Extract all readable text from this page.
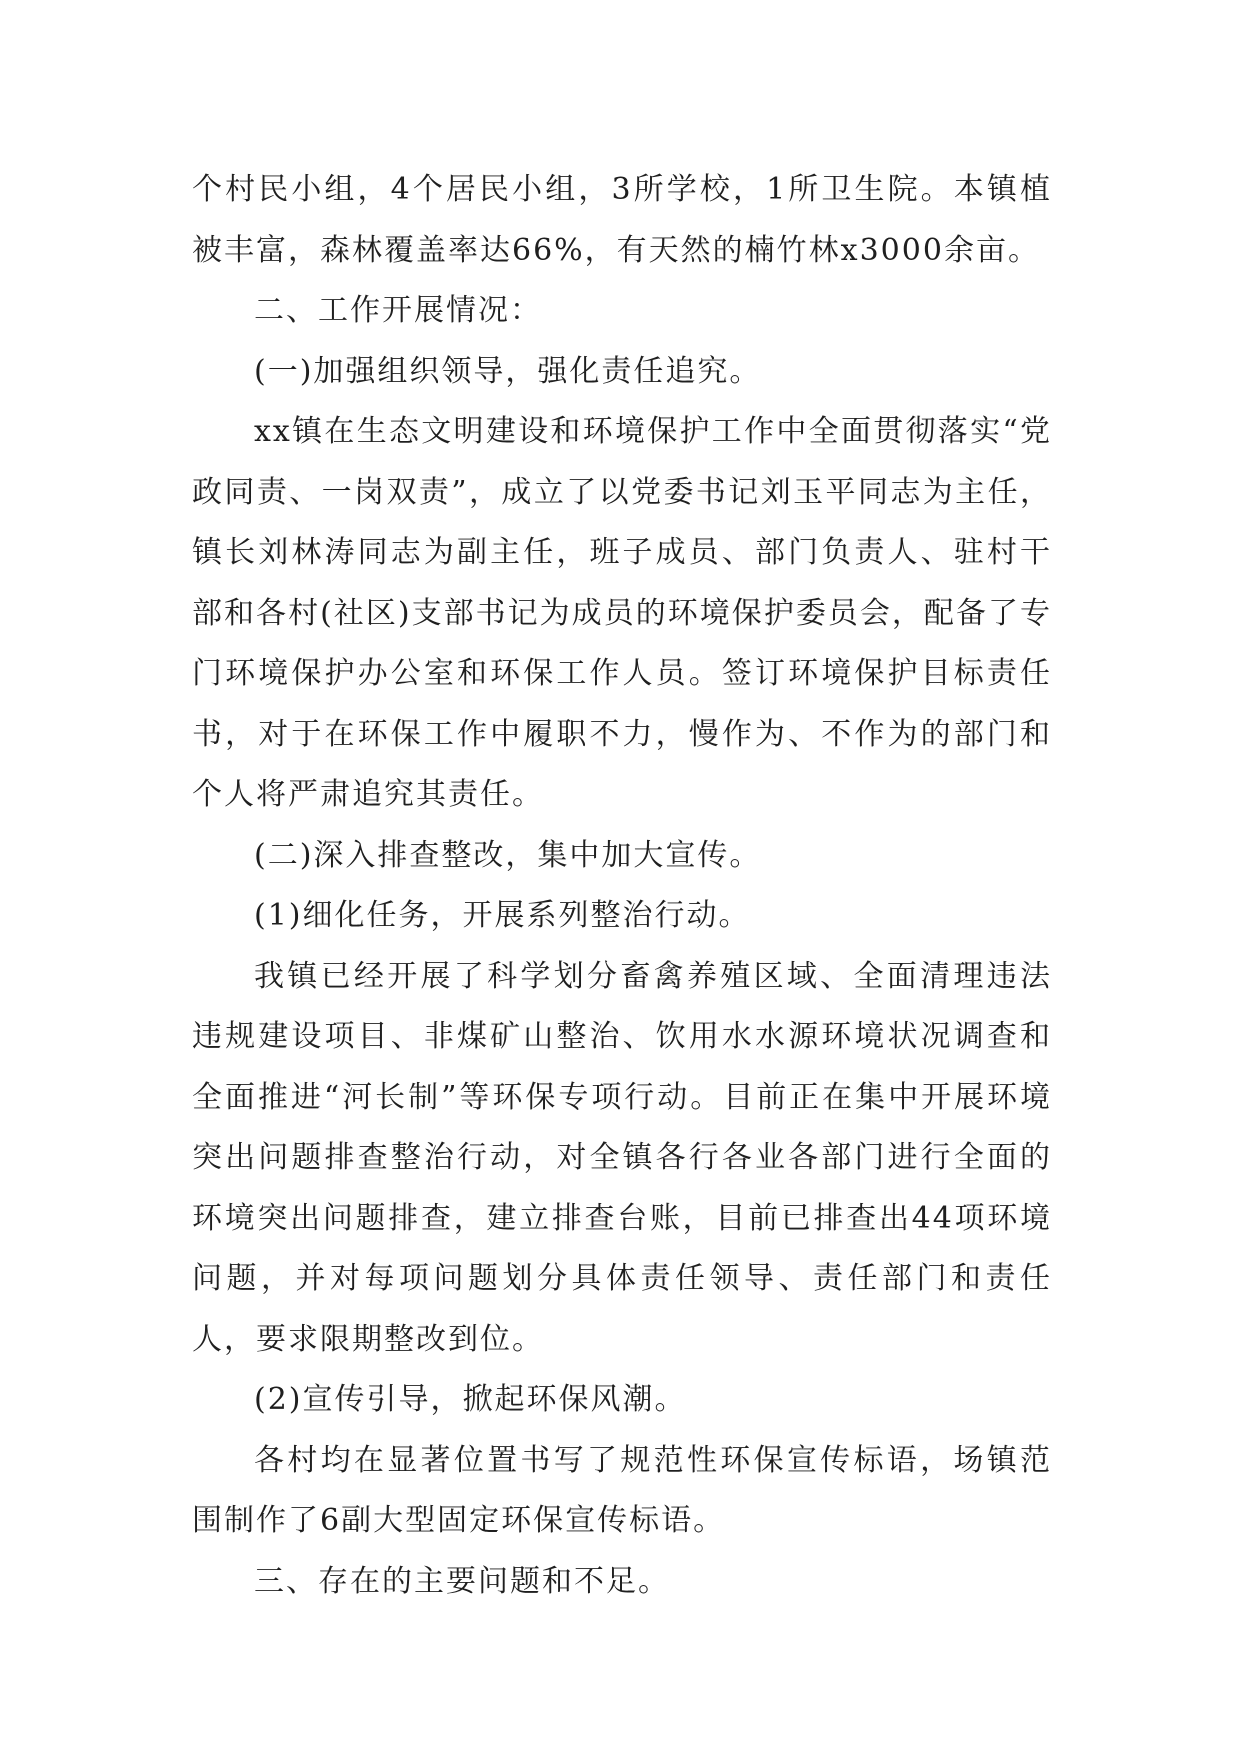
个村民小组，4个居民小组，3所学校，1所卫生院。本镇植被丰富，森林覆盖率达66%，有天然的楠竹林x3000余亩。

二、工作开展情况：

(一)加强组织领导，强化责任追究。

xx镇在生态文明建设和环境保护工作中全面贯彻落实“党政同责、一岗双责”，成立了以党委书记刘玉平同志为主任，镇长刘林涛同志为副主任，班子成员、部门负责人、驻村干部和各村(社区)支部书记为成员的环境保护委员会，配备了专门环境保护办公室和环保工作人员。签订环境保护目标责任书，对于在环保工作中履职不力，慢作为、不作为的部门和个人将严肃追究其责任。

(二)深入排查整改，集中加大宣传。

(1)细化任务，开展系列整治行动。

我镇已经开展了科学划分畜禽养殖区域、全面清理违法违规建设项目、非煤矿山整治、饮用水水源环境状况调查和全面推进“河长制”等环保专项行动。目前正在集中开展环境突出问题排查整治行动，对全镇各行各业各部门进行全面的环境突出问题排查，建立排查台账，目前已排查出44项环境问题，并对每项问题划分具体责任领导、责任部门和责任人，要求限期整改到位。

(2)宣传引导，掀起环保风潮。

各村均在显著位置书写了规范性环保宣传标语，场镇范围制作了6副大型固定环保宣传标语。

三、存在的主要问题和不足。
